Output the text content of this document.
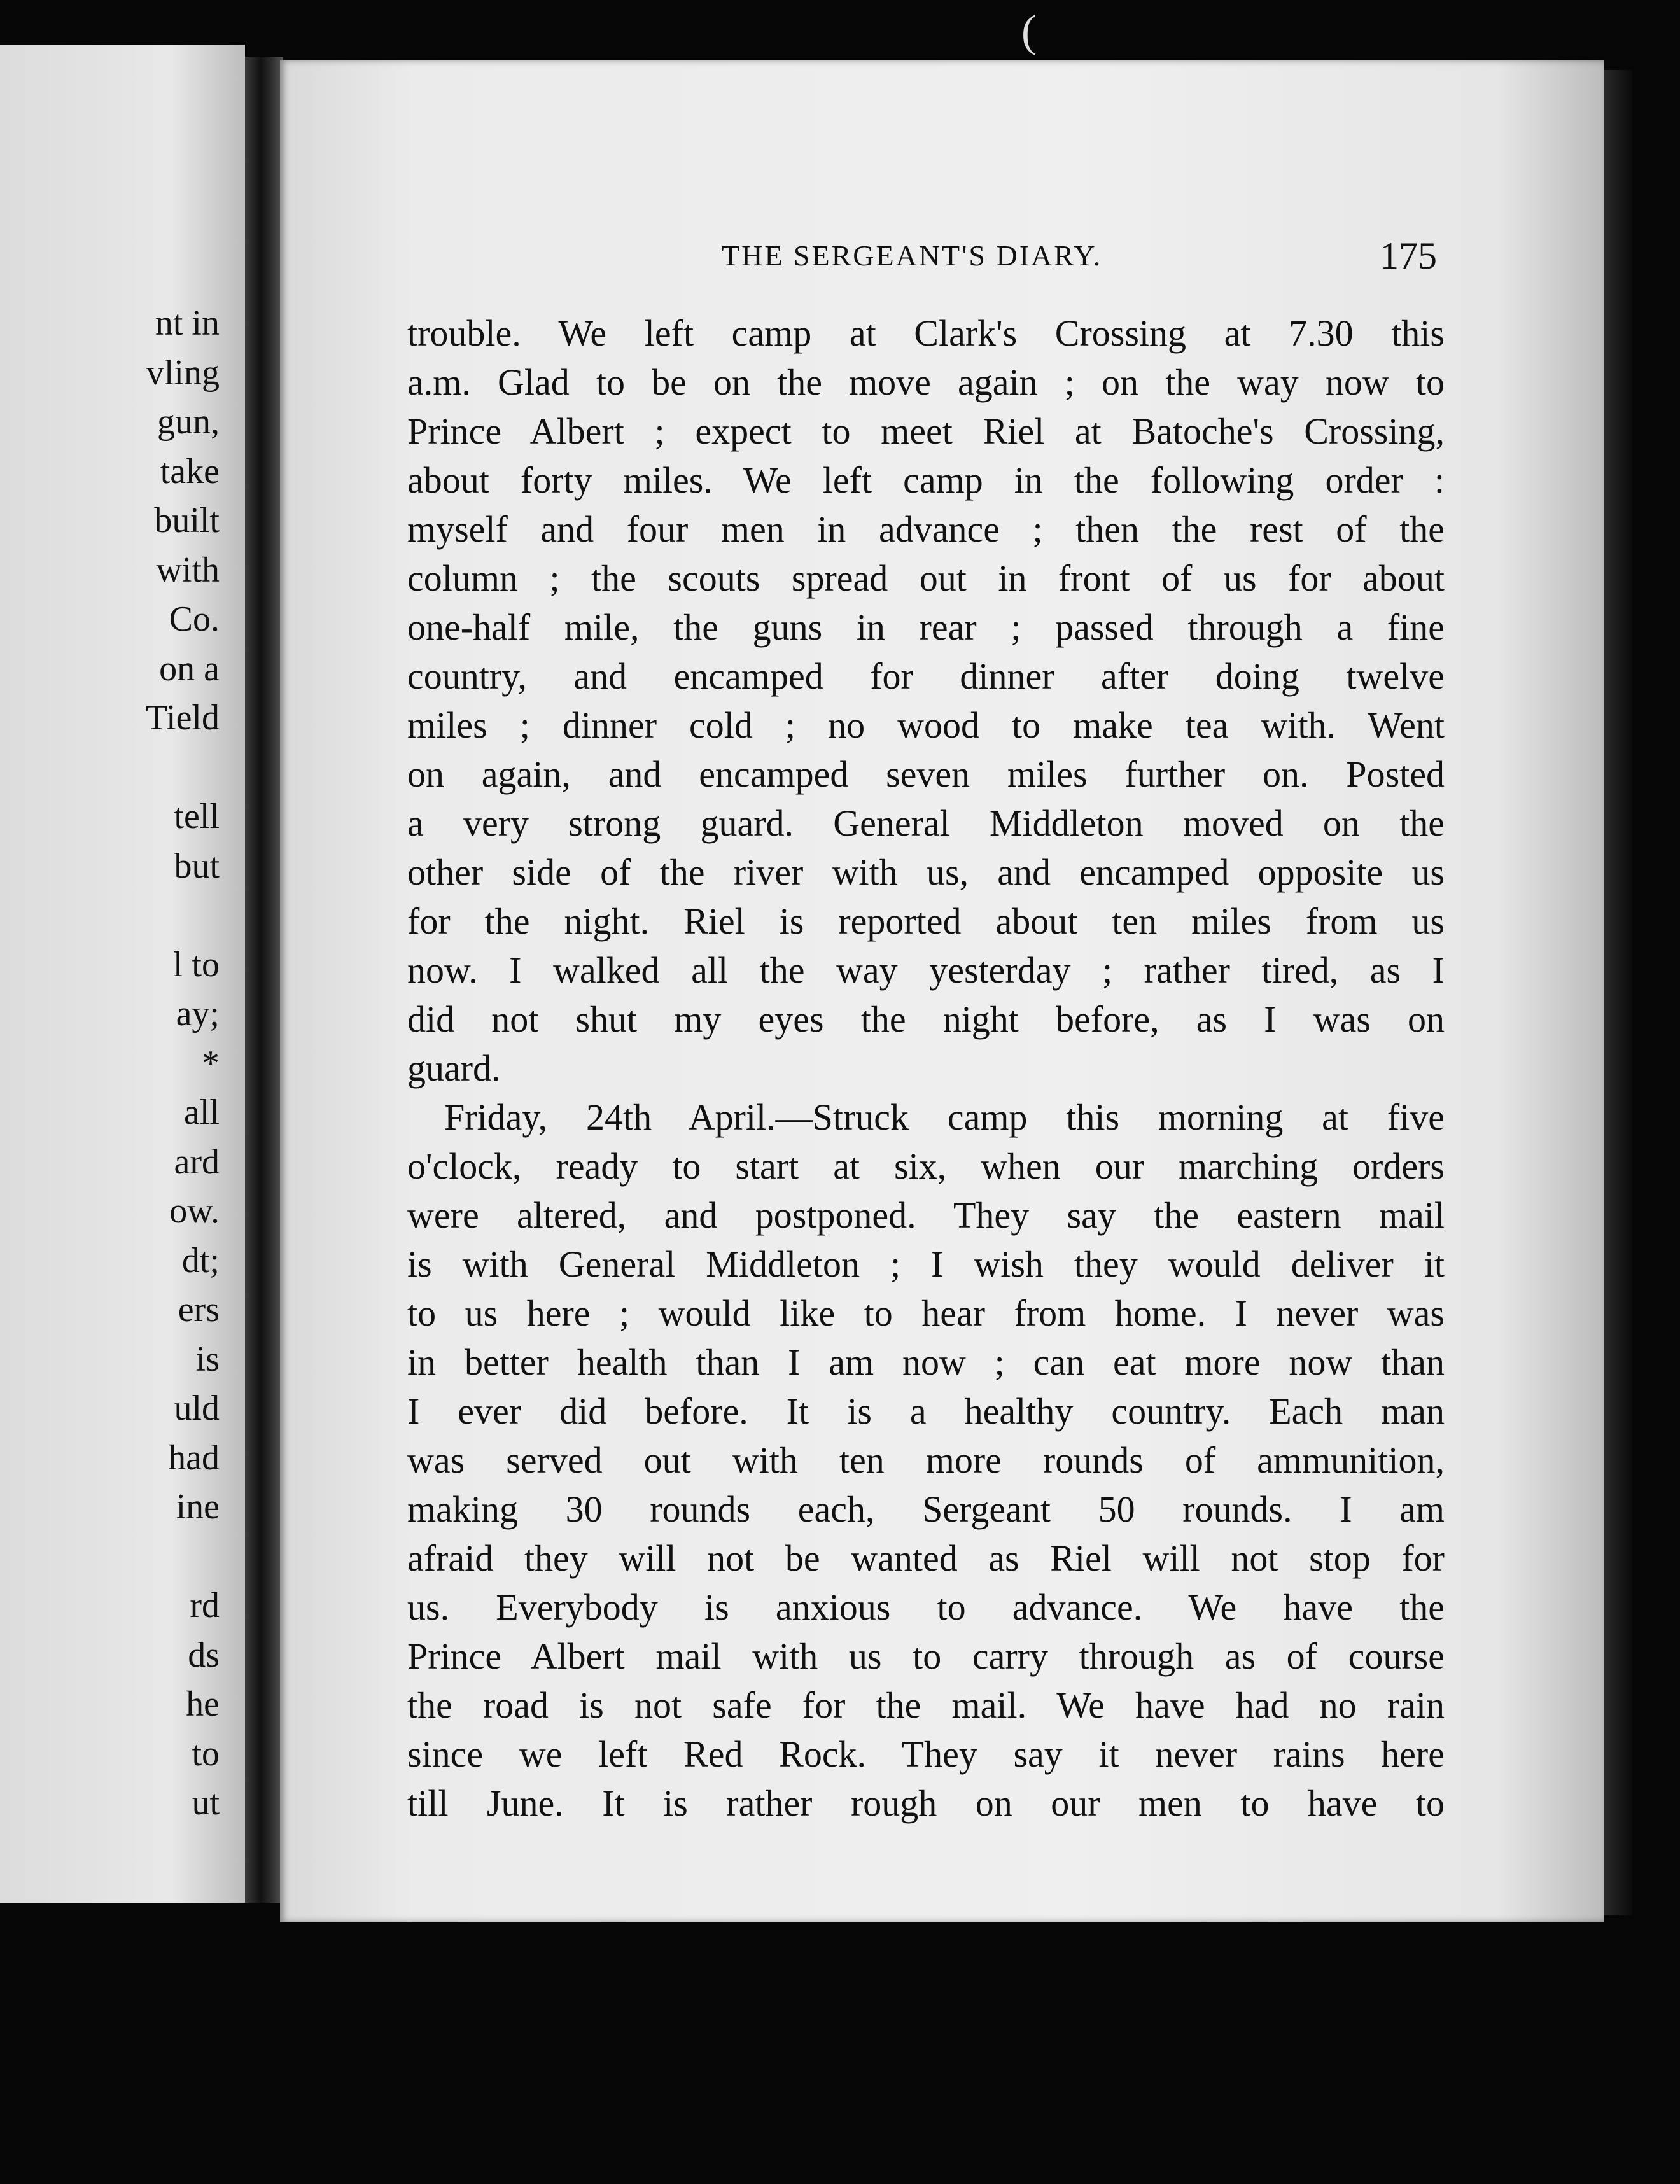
(
nt in
vling
gun,
take
built
with
Co.
on a
Tield
tell
but
l to
ay;
*
all
ard
ow.
dt;
ers
is
uld
had
ine
rd
ds
he
to
ut
THE SERGEANT'S DIARY.	175
trouble. We left camp at Clark's Crossing at 7.30 this
a.m. Glad to be on the move again ; on the way now to
Prince Albert ; expect to meet Riel at Batoche's Crossing,
about forty miles. We left camp in the following order :
myself and four men in advance ; then the rest of the
column ; the scouts spread out in front of us for about
one-half mile, the guns in rear ; passed through a fine
country, and encamped for dinner after doing twelve
miles ; dinner cold ; no wood to make tea with. Went
on again, and encamped seven miles further on. Posted
a very strong guard. General Middleton moved on the
other side of the river with us, and encamped opposite us
for the night. Riel is reported about ten miles from us
now. I walked all the way yesterday ; rather tired, as I
did not shut my eyes the night before, as I was on
guard.
Friday, 24th April.—Struck camp this morning at five
o'clock, ready to start at six, when our marching orders
were altered, and postponed. They say the eastern mail
is with General Middleton ; I wish they would deliver it
to us here ; would like to hear from home. I never was
in better health than I am now ; can eat more now than
I ever did before. It is a healthy country. Each man
was served out with ten more rounds of ammunition,
making 30 rounds each, Sergeant 50 rounds. I am
afraid they will not be wanted as Riel will not stop for
us. Everybody is anxious to advance. We have the
Prince Albert mail with us to carry through as of course
the road is not safe for the mail. We have had no rain
since we left Red Rock. They say it never rains here
till June. It is rather rough on our men to have to
